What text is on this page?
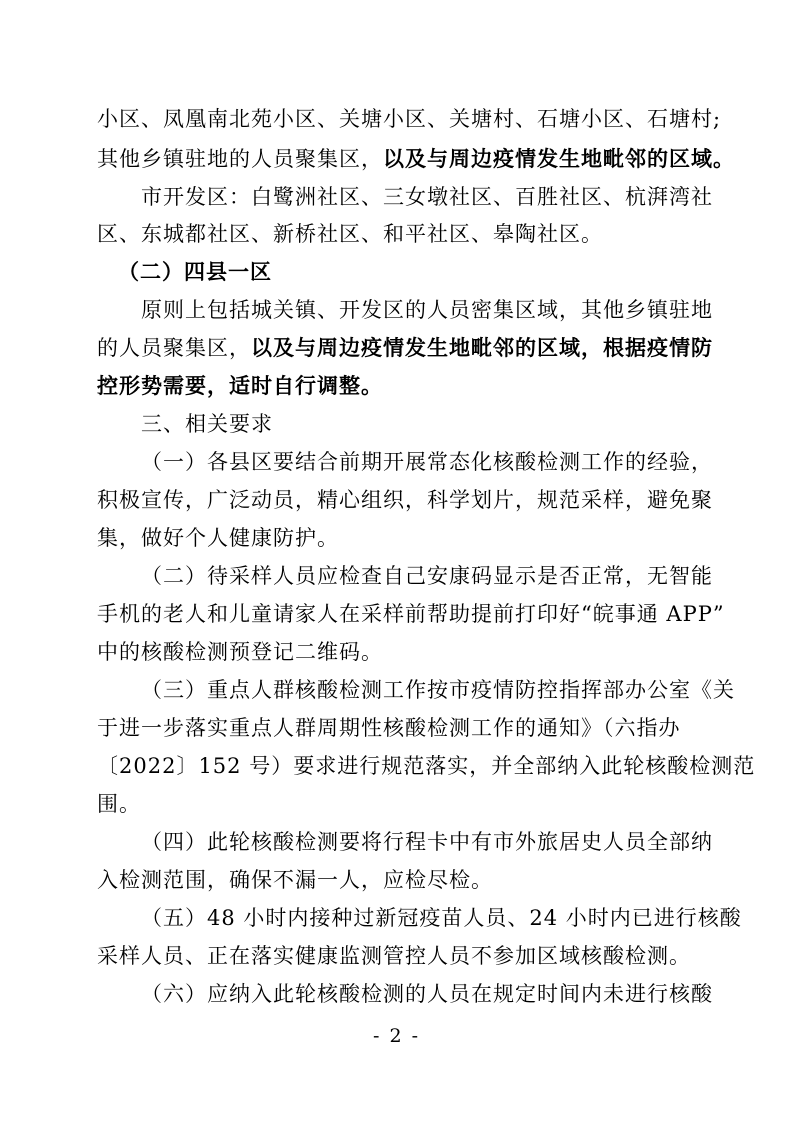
小区、凤凰南北苑小区、关塘小区、关塘村、石塘小区、石塘村;
其他乡镇驻地的人员聚集区，以及与周边疫情发生地毗邻的区域。
市开发区：白鹭洲社区、三女墩社区、百胜社区、杭湃湾社
区、东城都社区、新桥社区、和平社区、皋陶社区。
（二）四县一区
原则上包括城关镇、开发区的人员密集区域，其他乡镇驻地
的人员聚集区，以及与周边疫情发生地毗邻的区域，根据疫情防
控形势需要，适时自行调整。
三、相关要求
（一）各县区要结合前期开展常态化核酸检测工作的经验，
积极宣传，广泛动员，精心组织，科学划片，规范采样，避免聚
集，做好个人健康防护。
（二）待采样人员应检查自己安康码显示是否正常，无智能
手机的老人和儿童请家人在采样前帮助提前打印好“皖事通 APP”
中的核酸检测预登记二维码。
（三）重点人群核酸检测工作按市疫情防控指挥部办公室《关
于进一步落实重点人群周期性核酸检测工作的通知》（六指办
〔2022〕152 号）要求进行规范落实，并全部纳入此轮核酸检测范
围。
（四）此轮核酸检测要将行程卡中有市外旅居史人员全部纳
入检测范围，确保不漏一人，应检尽检。
（五）48 小时内接种过新冠疫苗人员、24 小时内已进行核酸
采样人员、正在落实健康监测管控人员不参加区域核酸检测。
（六）应纳入此轮核酸检测的人员在规定时间内未进行核酸
- 2 -
